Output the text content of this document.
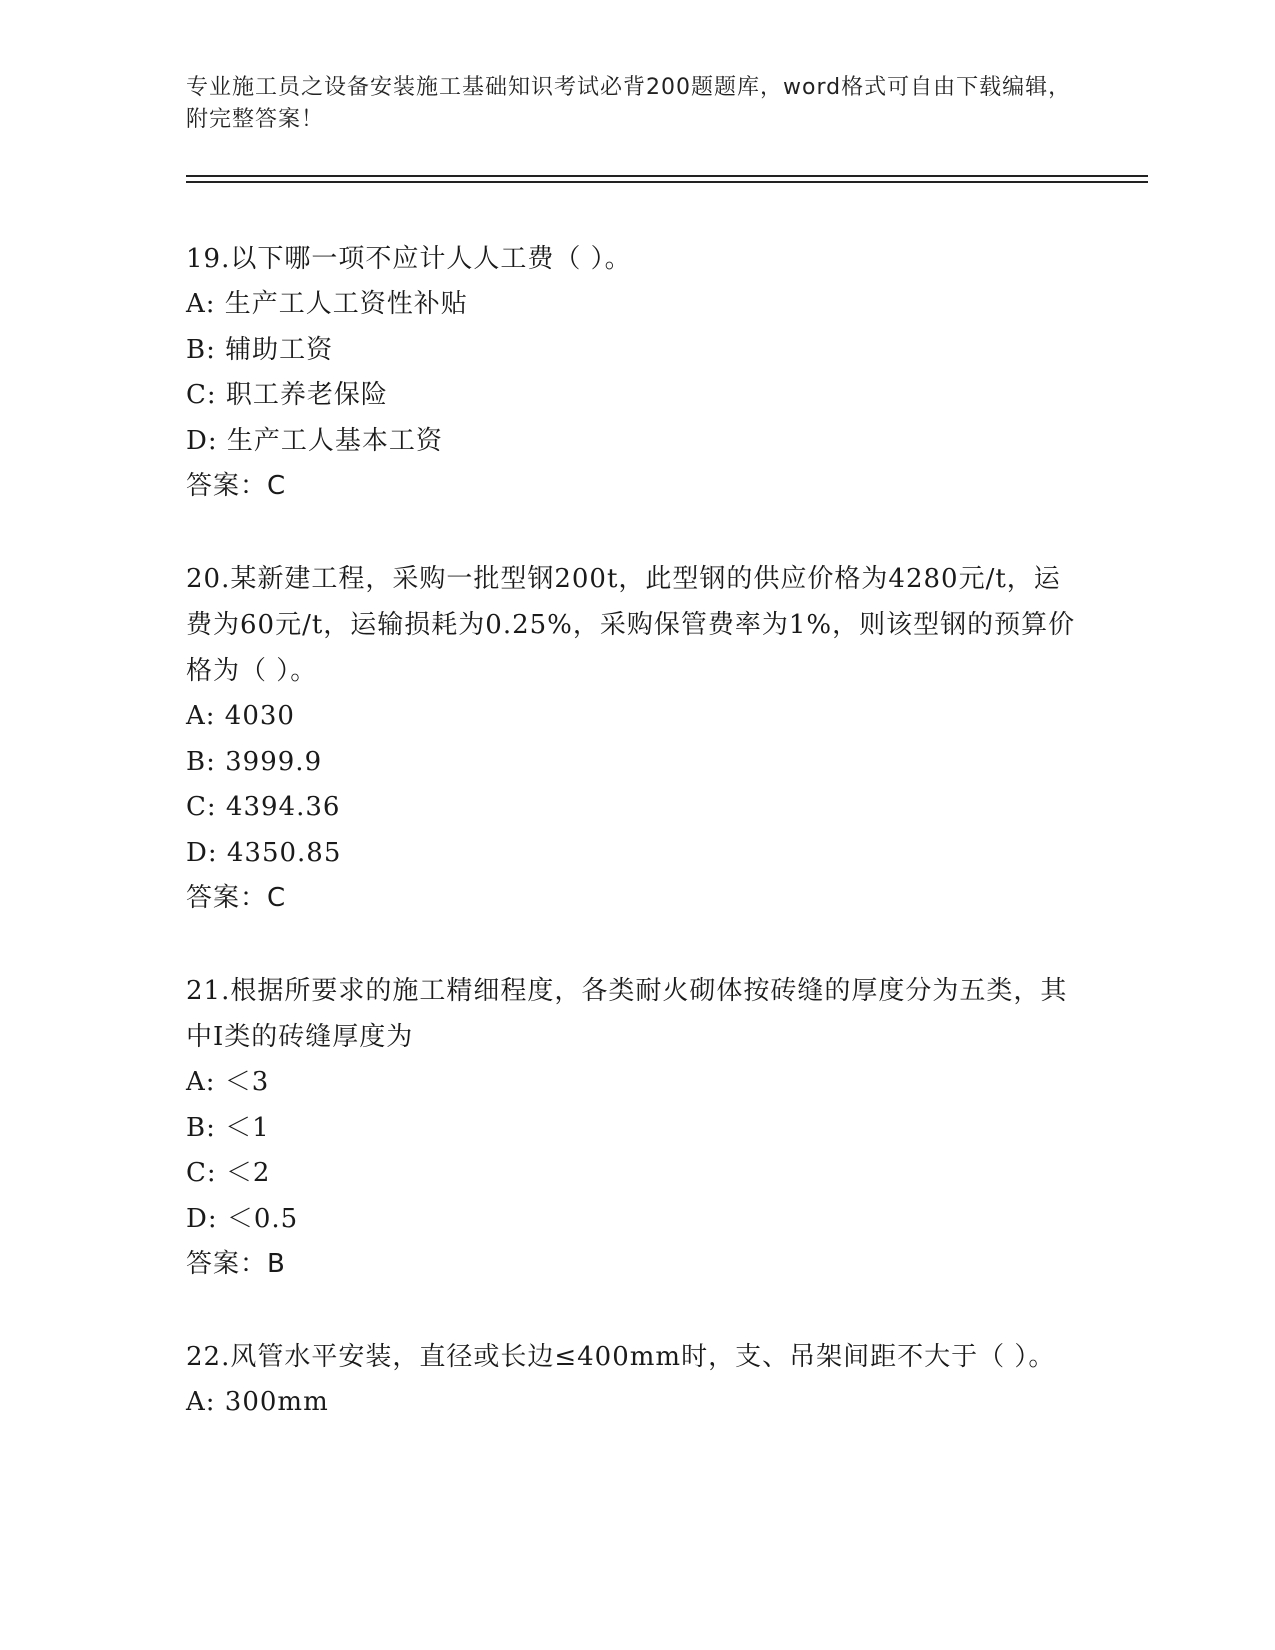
专业施工员之设备安装施工基础知识考试必背200题题库，word格式可自由下载编辑，附完整答案！

19.以下哪一项不应计人人工费（ ）。

A: 生产工人工资性补贴

B: 辅助工资

C: 职工养老保险

D: 生产工人基本工资

答案：C

20.某新建工程，采购一批型钢200t，此型钢的供应价格为4280元/t，运费为60元/t，运输损耗为0.25%，采购保管费率为1%，则该型钢的预算价格为（ ）。

A: 4030

B: 3999.9

C: 4394.36

D: 4350.85

答案：C

21.根据所要求的施工精细程度，各类耐火砌体按砖缝的厚度分为五类，其中Ⅰ类的砖缝厚度为

A: ＜3

B: ＜1

C: ＜2

D: ＜0.5

答案：B

22.风管水平安装，直径或长边≤400mm时，支、吊架间距不大于（ ）。

A: 300mm
